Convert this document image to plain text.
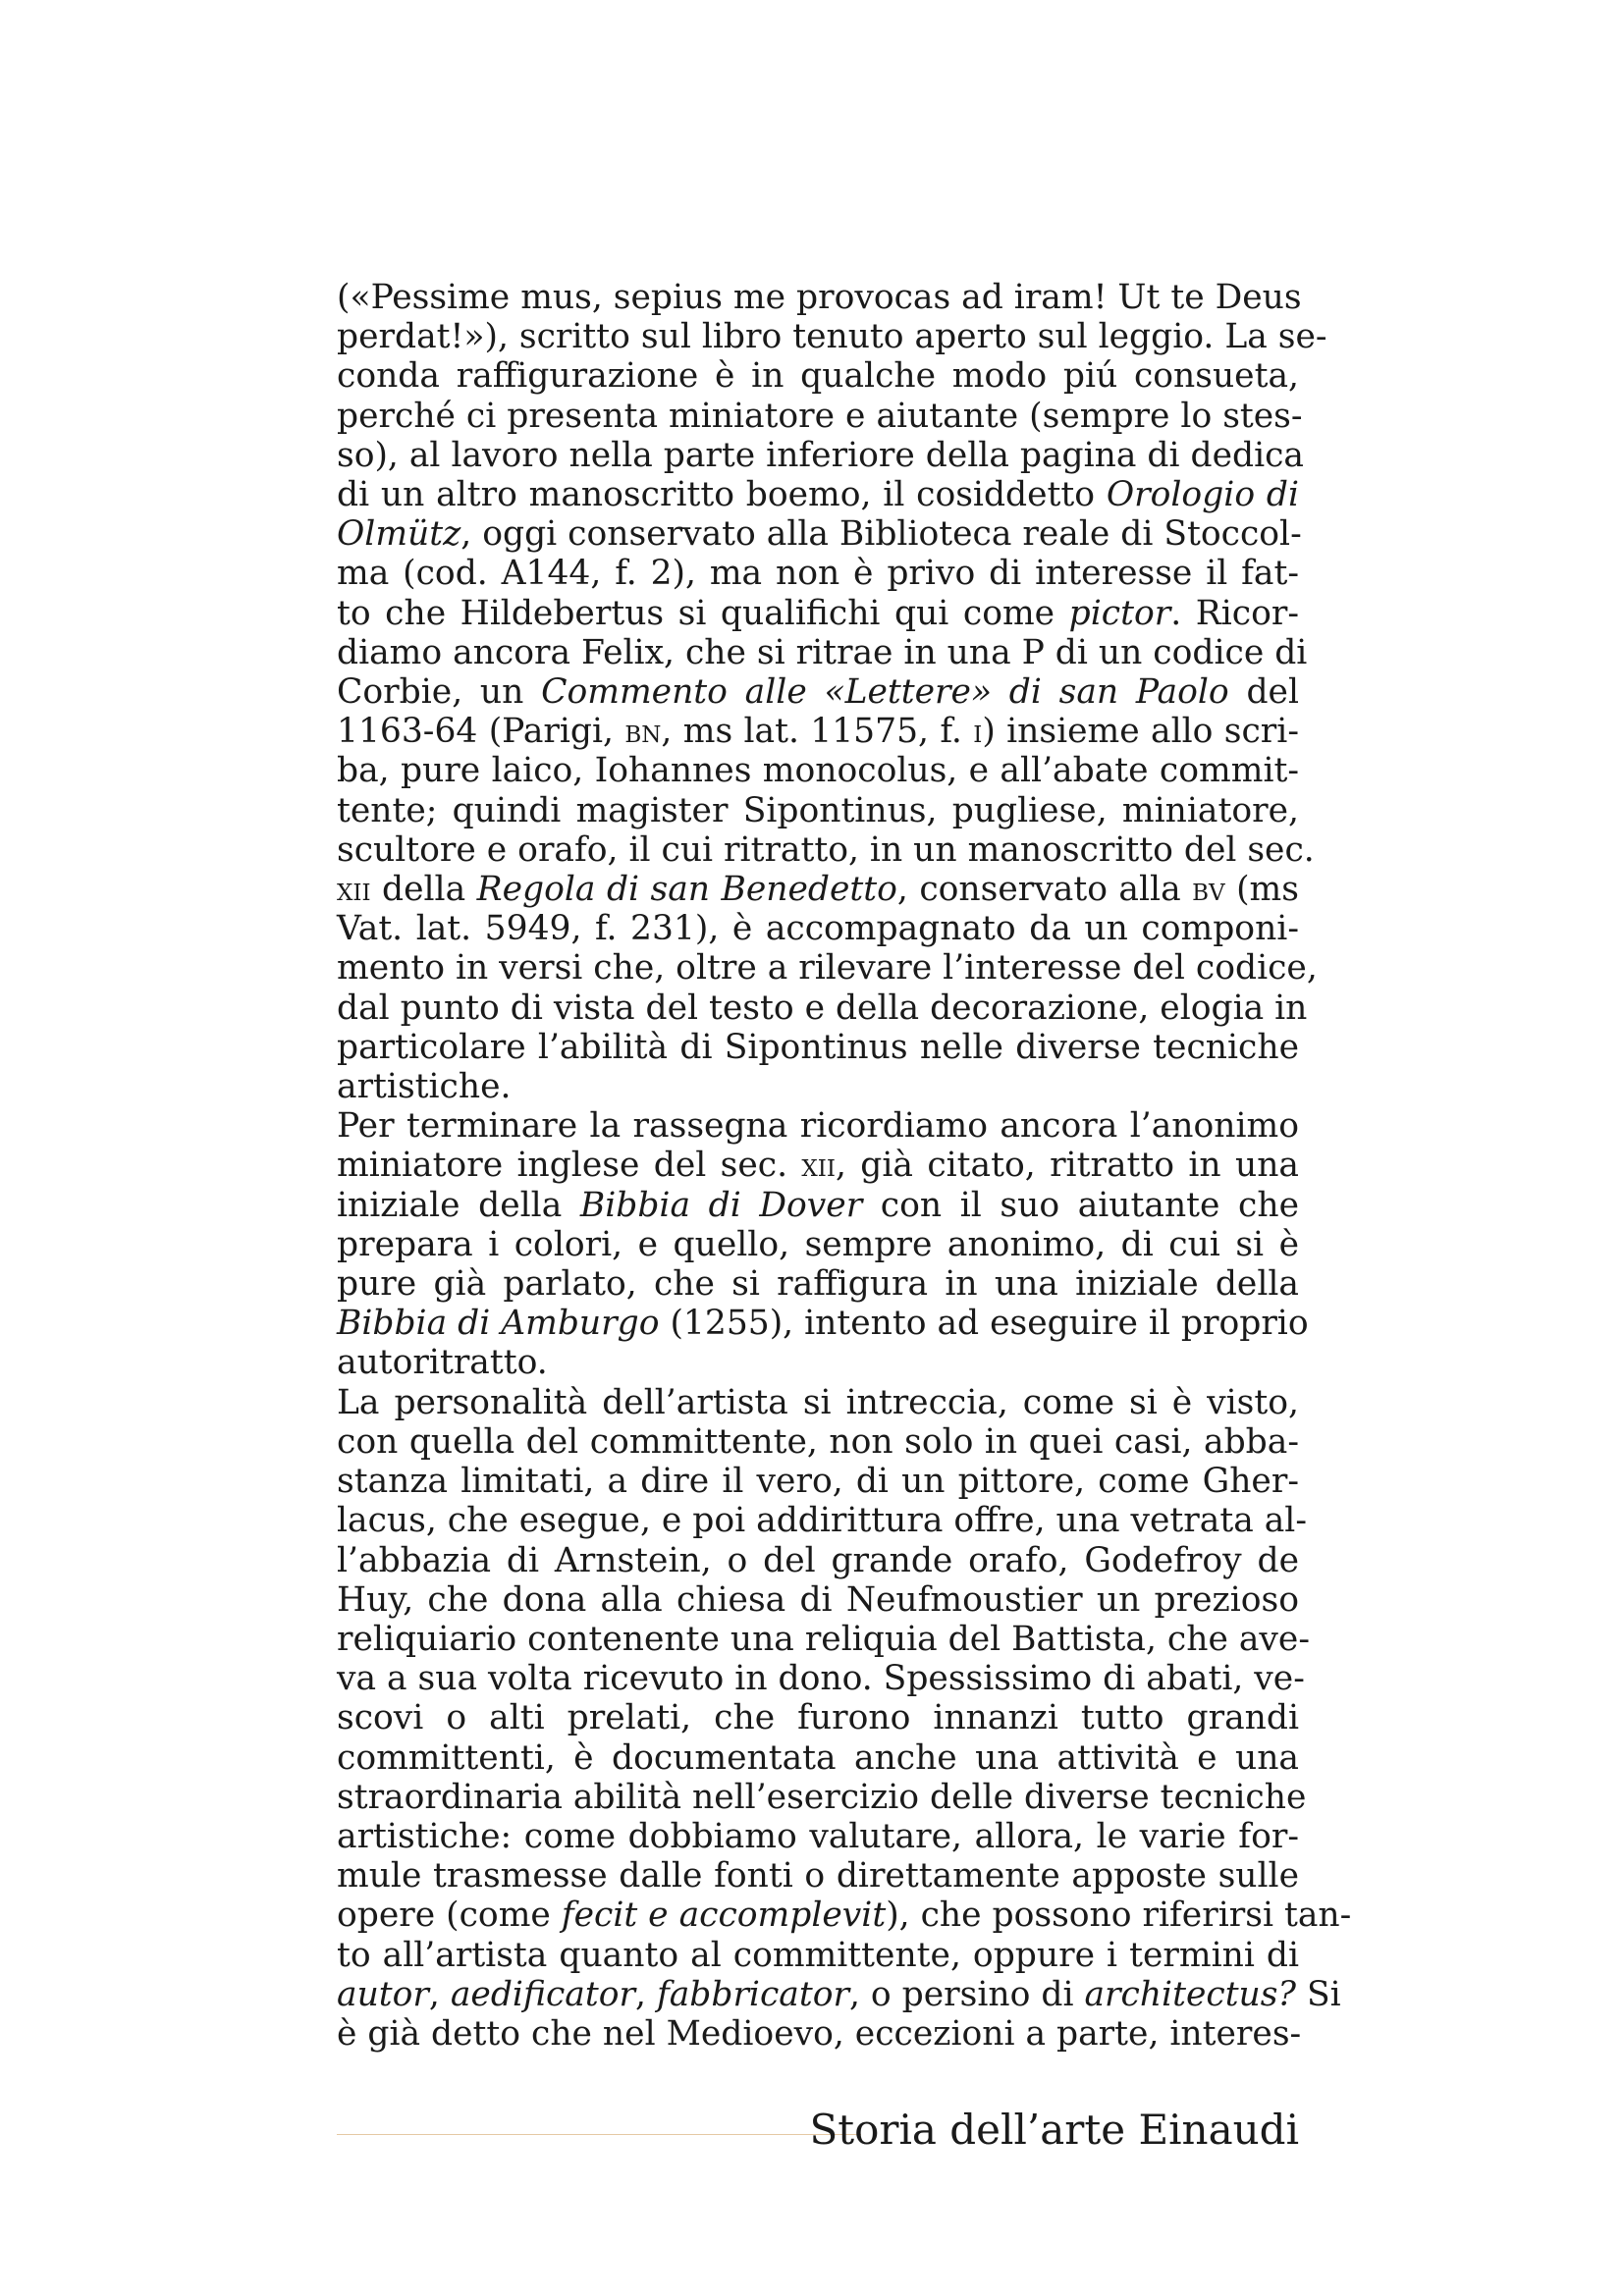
(«Pessime mus, sepius me provocas ad iram! Ut te Deus
perdat!»), scritto sul libro tenuto aperto sul leggio. La se-
conda raffigurazione è in qualche modo piú consueta,
perché ci presenta miniatore e aiutante (sempre lo stes-
so), al lavoro nella parte inferiore della pagina di dedica
di un altro manoscritto boemo, il cosiddetto Orologio di
Olmütz, oggi conservato alla Biblioteca reale di Stoccol-
ma (cod. A144, f. 2), ma non è privo di interesse il fat-
to che Hildebertus si qualifichi qui come pictor. Ricor-
diamo ancora Felix, che si ritrae in una P di un codice di
Corbie, un Commento alle «Lettere» di san Paolo del
1163-64 (Parigi, bn, ms lat. 11575, f. i) insieme allo scri-
ba, pure laico, Iohannes monocolus, e all’abate commit-
tente; quindi magister Sipontinus, pugliese, miniatore,
scultore e orafo, il cui ritratto, in un manoscritto del sec.
xii della Regola di san Benedetto, conservato alla bv (ms
Vat. lat. 5949, f. 231), è accompagnato da un componi-
mento in versi che, oltre a rilevare l’interesse del codice,
dal punto di vista del testo e della decorazione, elogia in
particolare l’abilità di Sipontinus nelle diverse tecniche
artistiche.
Per terminare la rassegna ricordiamo ancora l’anonimo
miniatore inglese del sec. xii, già citato, ritratto in una
iniziale della Bibbia di Dover con il suo aiutante che
prepara i colori, e quello, sempre anonimo, di cui si è
pure già parlato, che si raffigura in una iniziale della
Bibbia di Amburgo (1255), intento ad eseguire il proprio
autoritratto.
La personalità dell’artista si intreccia, come si è visto,
con quella del committente, non solo in quei casi, abba-
stanza limitati, a dire il vero, di un pittore, come Gher-
lacus, che esegue, e poi addirittura offre, una vetrata al-
l’abbazia di Arnstein, o del grande orafo, Godefroy de
Huy, che dona alla chiesa di Neufmoustier un prezioso
reliquiario contenente una reliquia del Battista, che ave-
va a sua volta ricevuto in dono. Spessissimo di abati, ve-
scovi o alti prelati, che furono innanzi tutto grandi
committenti, è documentata anche una attività e una
straordinaria abilità nell’esercizio delle diverse tecniche
artistiche: come dobbiamo valutare, allora, le varie for-
mule trasmesse dalle fonti o direttamente apposte sulle
opere (come fecit e accomplevit), che possono riferirsi tan-
to all’artista quanto al committente, oppure i termini di
autor, aedificator, fabbricator, o persino di architectus? Si
è già detto che nel Medioevo, eccezioni a parte, interes-
Storia dell’arte Einaudi
